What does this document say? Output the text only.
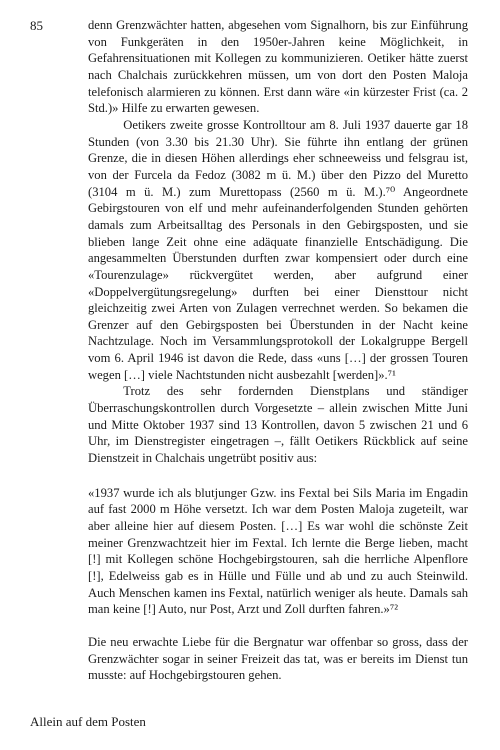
85	denn Grenzwächter hatten, abgesehen vom Signalhorn, bis zur Einführung von Funkgeräten in den 1950er-Jahren keine Möglichkeit, in Gefahrensituationen mit Kollegen zu kommunizieren. Oetiker hätte zuerst nach Chalchais zurückkehren müssen, um von dort den Posten Maloja telefonisch alarmieren zu können. Erst dann wäre «in kürzester Frist (ca. 2 Std.)» Hilfe zu erwarten gewesen.

Oetikers zweite grosse Kontrolltour am 8. Juli 1937 dauerte gar 18 Stunden (von 3.30 bis 21.30 Uhr). Sie führte ihn entlang der grünen Grenze, die in diesen Höhen allerdings eher schneeweiss und felsgrau ist, von der Furcela da Fedoz (3082 m ü. M.) über den Pizzo del Muretto (3104 m ü. M.) zum Murettopass (2560 m ü. M.).⁷⁰ Angeordnete Gebirgstouren von elf und mehr aufeinanderfolgenden Stunden gehörten damals zum Arbeitsalltag des Personals in den Gebirgsposten, und sie blieben lange Zeit ohne eine adäquate finanzielle Entschädigung. Die angesammelten Überstunden durften zwar kompensiert oder durch eine «Tourenzulage» rückvergütet werden, aber aufgrund einer «Doppelvergütungsregelung» durften bei einer Diensttour nicht gleichzeitig zwei Arten von Zulagen verrechnet werden. So bekamen die Grenzer auf den Gebirgsposten bei Überstunden in der Nacht keine Nachtzulage. Noch im Versammlungsprotokoll der Lokalgruppe Bergell vom 6. April 1946 ist davon die Rede, dass «uns […] der grossen Touren wegen […] viele Nachtstunden nicht ausbezahlt [werden]».⁷¹

Trotz des sehr fordernden Dienstplans und ständiger Überraschungskontrollen durch Vorgesetzte – allein zwischen Mitte Juni und Mitte Oktober 1937 sind 13 Kontrollen, davon 5 zwischen 21 und 6 Uhr, im Dienstregister eingetragen –, fällt Oetikers Rückblick auf seine Dienstzeit in Chalchais ungetrübt positiv aus:

«1937 wurde ich als blutjunger Gzw. ins Fextal bei Sils Maria im Engadin auf fast 2000 m Höhe versetzt. Ich war dem Posten Maloja zugeteilt, war aber alleine hier auf diesem Posten. […] Es war wohl die schönste Zeit meiner Grenzwachtzeit hier im Fextal. Ich lernte die Berge lieben, macht [!] mit Kollegen schöne Hochgebirgstouren, sah die herrliche Alpenflore [!], Edelweiss gab es in Hülle und Fülle und ab und zu auch Steinwild. Auch Menschen kamen ins Fextal, natürlich weniger als heute. Damals sah man keine [!] Auto, nur Post, Arzt und Zoll durften fahren.»⁷²

Die neu erwachte Liebe für die Bergnatur war offenbar so gross, dass der Grenzwächter sogar in seiner Freizeit das tat, was er bereits im Dienst tun musste: auf Hochgebirgstouren gehen.

Allein auf dem Posten
